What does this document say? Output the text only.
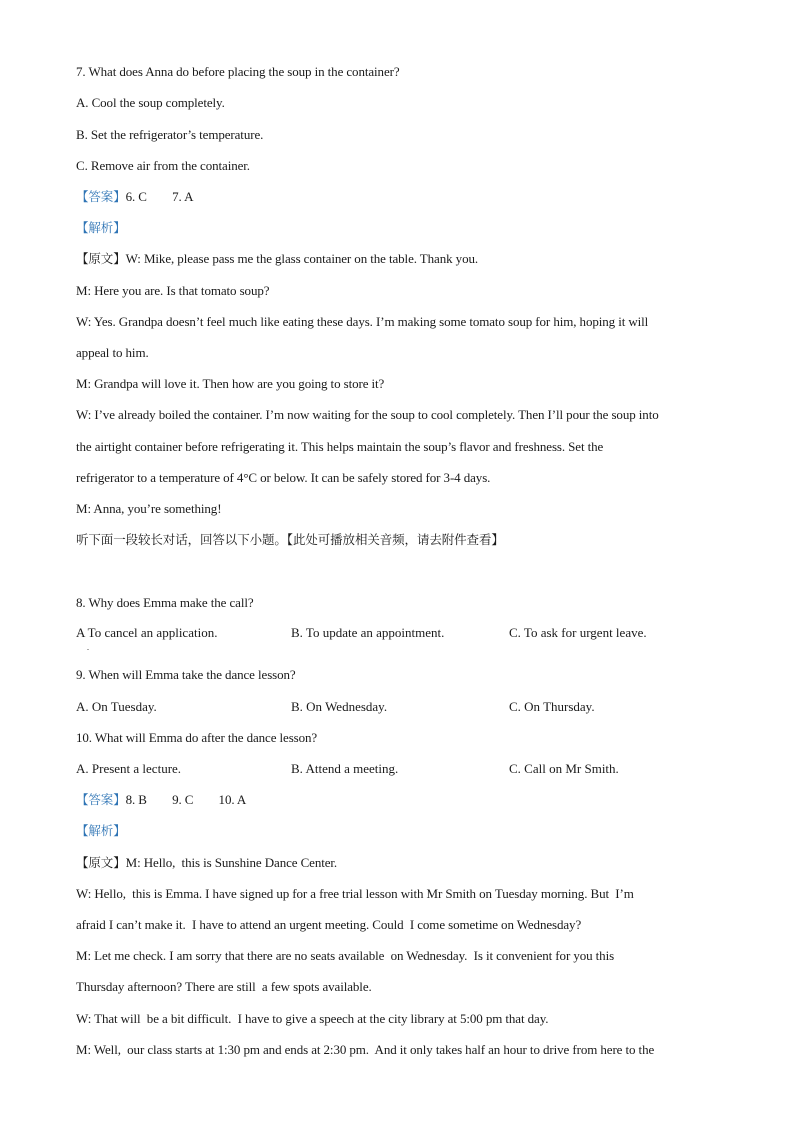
7. What does Anna do before placing the soup in the container?
A. Cool the soup completely.
B. Set the refrigerator’s temperature.
C. Remove air from the container.
【答案】6. C        7. A
【解析】
【原文】W: Mike, please pass me the glass container on the table. Thank you.
M: Here you are. Is that tomato soup?
W: Yes. Grandpa doesn’t feel much like eating these days. I’m making some tomato soup for him, hoping it will
appeal to him.
M: Grandpa will love it. Then how are you going to store it?
W: I’ve already boiled the container. I’m now waiting for the soup to cool completely. Then I’ll pour the soup into
the airtight container before refrigerating it. This helps maintain the soup’s flavor and freshness. Set the
refrigerator to a temperature of 4°C or below. It can be safely stored for 3-4 days.
M: Anna, you’re something!
听下面一段较长对话，回答以下小题。【此处可播放相关音频，请去附件查看】
8. Why does Emma make the call?
A To cancel an application.	B. To update an appointment.	C. To ask for urgent leave.
.
9. When will Emma take the dance lesson?
A. On Tuesday.	B. On Wednesday.	C. On Thursday.
10. What will Emma do after the dance lesson?
A. Present a lecture.	B. Attend a meeting.	C. Call on Mr Smith.
【答案】8. B        9. C        10. A
【解析】
【原文】M: Hello,  this is Sunshine Dance Center.
W: Hello,  this is Emma. I have signed up for a free trial lesson with Mr Smith on Tuesday morning. But  I’m
afraid I can’t make it.  I have to attend an urgent meeting. Could  I come sometime on Wednesday?
M: Let me check. I am sorry that there are no seats available  on Wednesday.  Is it convenient for you this
Thursday afternoon? There are still  a few spots available.
W: That will  be a bit difficult.  I have to give a speech at the city library at 5:00 pm that day.
M: Well,  our class starts at 1:30 pm and ends at 2:30 pm.  And it only takes half an hour to drive from here to the
